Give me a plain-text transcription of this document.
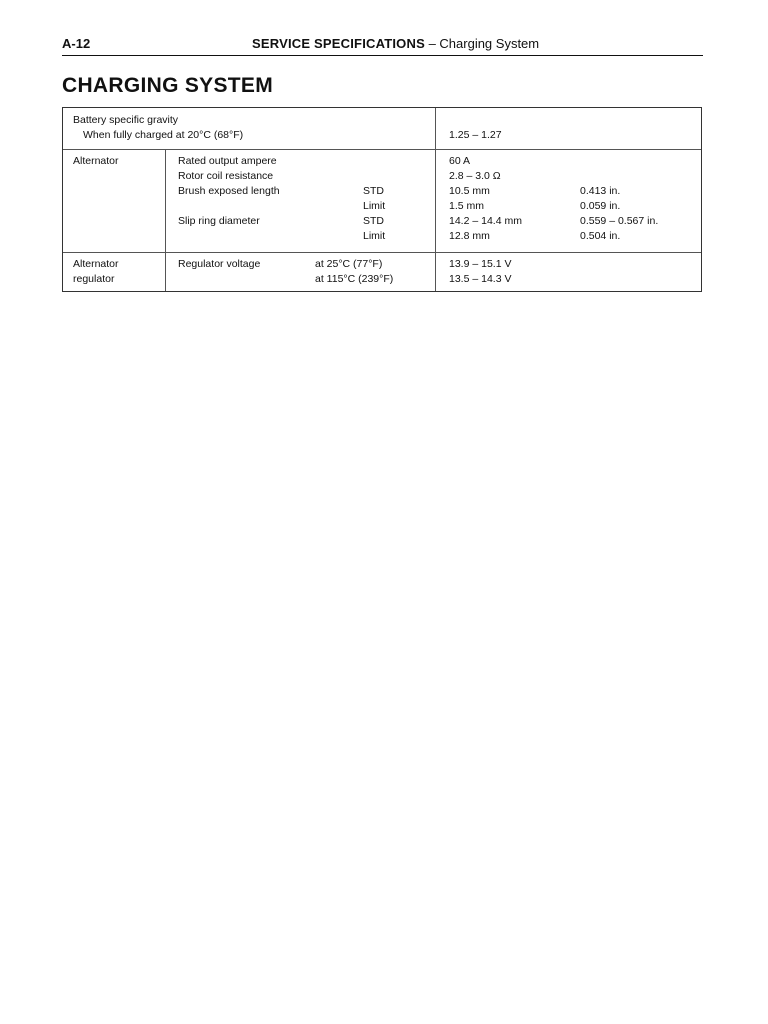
A-12	SERVICE SPECIFICATIONS – Charging System
CHARGING SYSTEM
Battery specific gravity
When fully charged at 20°C (68°F)	1.25 – 1.27
Alternator	Rated output ampere	60 A
Rotor coil resistance	2.8 – 3.0 Ω
Brush exposed length	STD	10.5 mm	0.413 in.
Limit	1.5 mm	0.059 in.
Slip ring diameter	STD	14.2 – 14.4 mm	0.559 – 0.567 in.
Limit	12.8 mm	0.504 in.
Alternator
regulator
Regulator voltage	at 25°C (77°F)	13.9 – 15.1 V
at 115°C (239°F)	13.5 – 14.3 V
